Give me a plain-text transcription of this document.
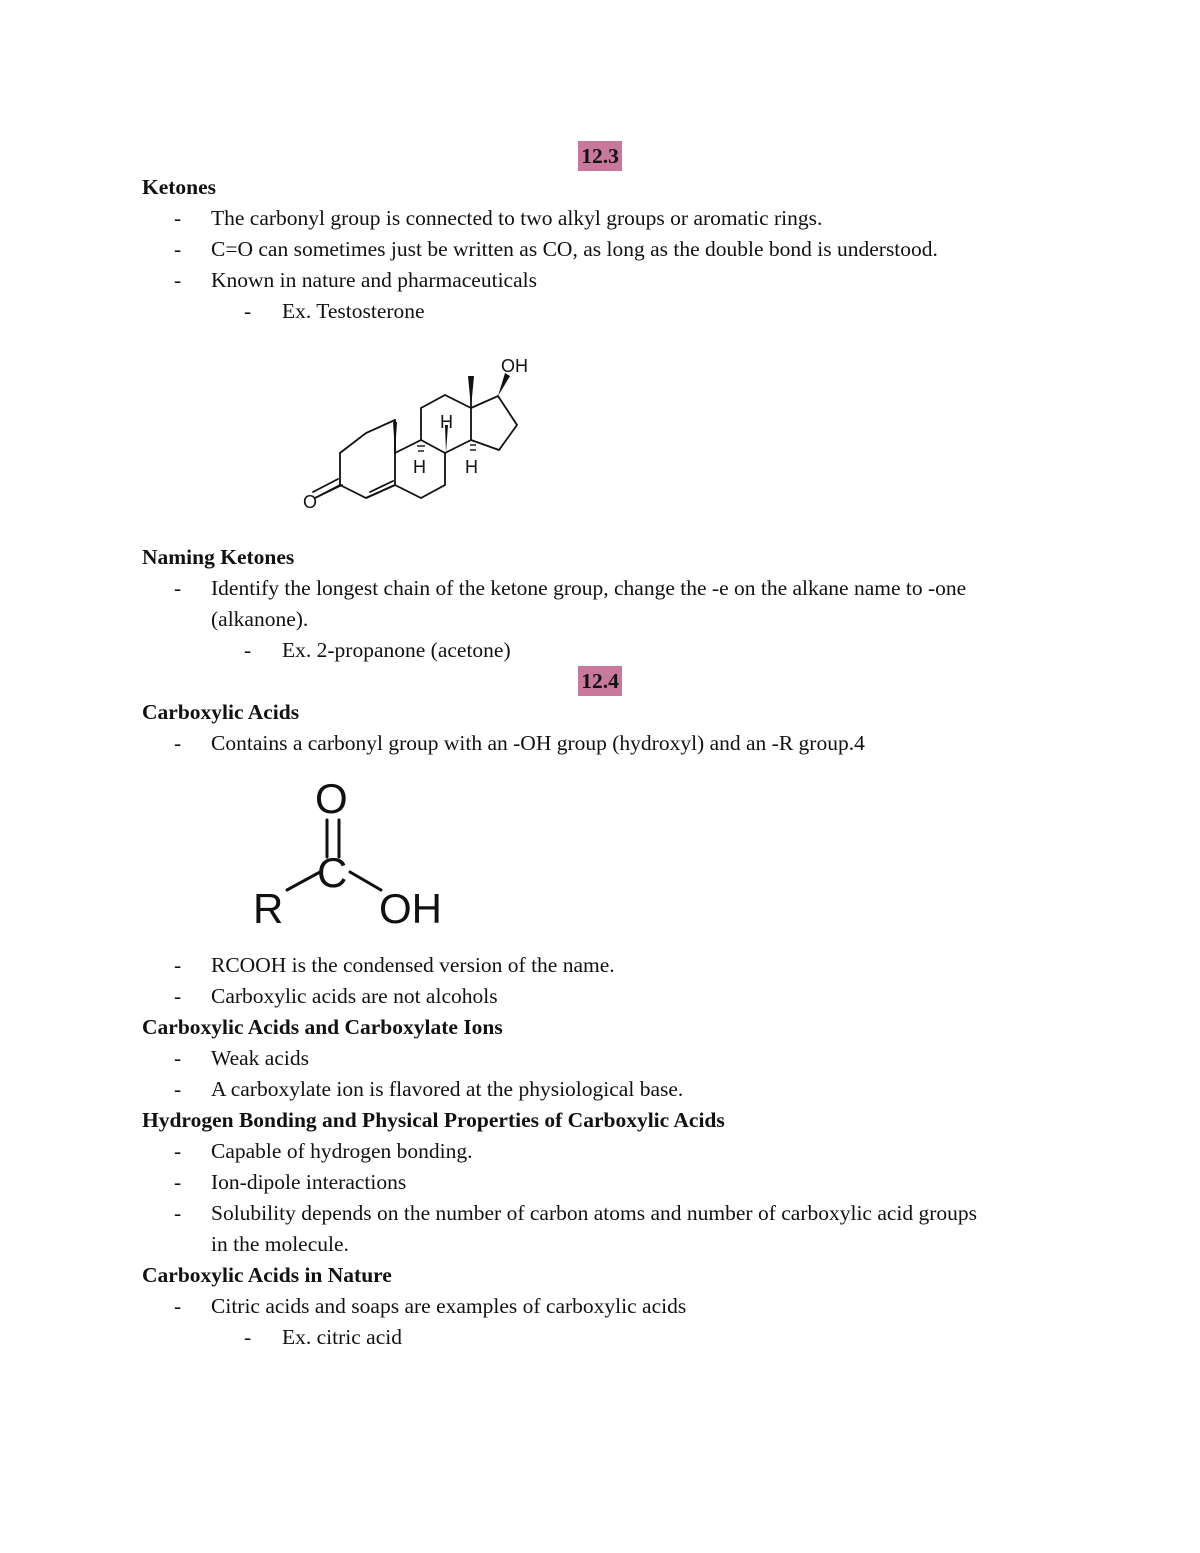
12.3
Ketones
- The carbonyl group is connected to two alkyl groups or aromatic rings.
- C=O can sometimes just be written as CO, as long as the double bond is understood.
- Known in nature and pharmaceuticals
- Ex. Testosterone
OH
H
H H
O
Naming Ketones
- Identify the longest chain of the ketone group, change the -e on the alkane name to -one
(alkanone).
- Ex. 2-propanone (acetone)
12.4
Carboxylic Acids
- Contains a carbonyl group with an -OH group (hydroxyl) and an -R group.4
O
C
R OH
- RCOOH is the condensed version of the name.
- Carboxylic acids are not alcohols
Carboxylic Acids and Carboxylate Ions
- Weak acids
- A carboxylate ion is flavored at the physiological base.
Hydrogen Bonding and Physical Properties of Carboxylic Acids
- Capable of hydrogen bonding.
- Ion-dipole interactions
- Solubility depends on the number of carbon atoms and number of carboxylic acid groups
in the molecule.
Carboxylic Acids in Nature
- Citric acids and soaps are examples of carboxylic acids
- Ex. citric acid
